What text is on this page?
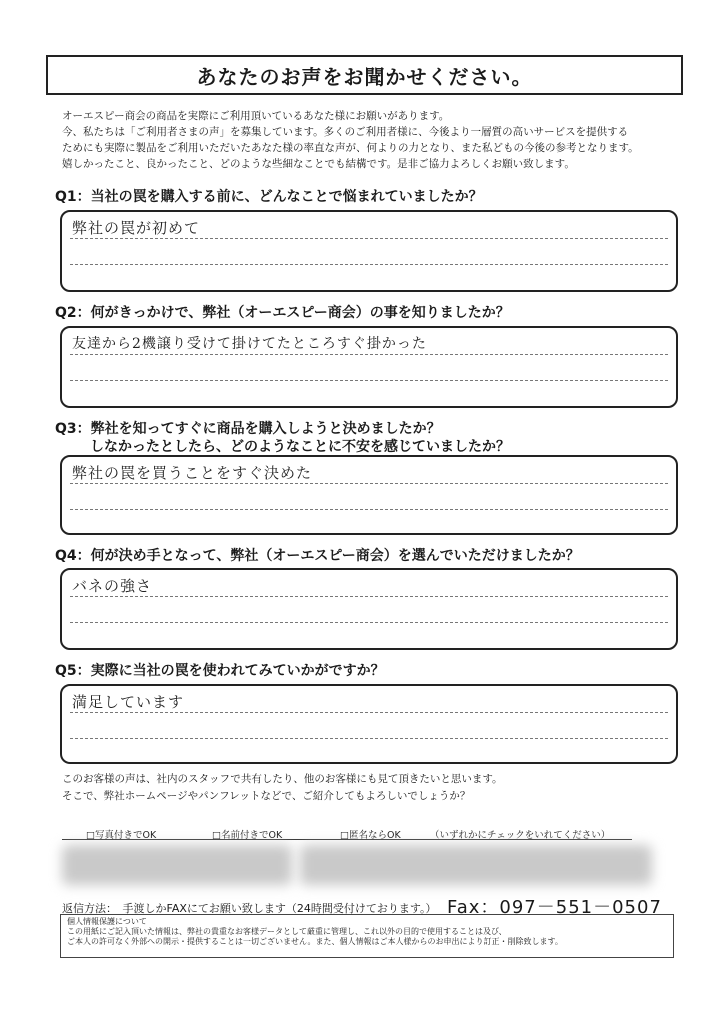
あなたのお声をお聞かせください。
オーエスピー商会の商品を実際にご利用頂いているあなた様にお願いがあります。
今、私たちは「ご利用者さまの声」を募集しています。多くのご利用者様に、今後より一層質の高いサービスを提供する
ためにも実際に製品をご利用いただいたあなた様の率直な声が、何よりの力となり、また私どもの今後の参考となります。
嬉しかったこと、良かったこと、どのような些細なことでも結構です。是非ご協力よろしくお願い致します。
Q1：当社の罠を購入する前に、どんなことで悩まれていましたか？
弊社の罠が初めて
Q2：何がきっかけで、弊社（オーエスピー商会）の事を知りましたか？
友達から2機譲り受けて掛けてたところすぐ掛かった
Q3：弊社を知ってすぐに商品を購入しようと決めましたか？
しなかったとしたら、どのようなことに不安を感じていましたか？
弊社の罠を買うことをすぐ決めた
Q4：何が決め手となって、弊社（オーエスピー商会）を選んでいただけましたか？
バネの強さ
Q5：実際に当社の罠を使われてみていかがですか？
満足しています
このお客様の声は、社内のスタッフで共有したり、他のお客様にも見て頂きたいと思います。
そこで、弊社ホームページやパンフレットなどで、ご紹介してもよろしいでしょうか？
□写真付きでOK	□名前付きでOK	□匿名ならOK	（いずれかにチェックをいれてください）
返信方法：　手渡しかFAXにてお願い致します（24時間受付けております。） Fax：097－551－0507
個人情報保護について
この用紙にご記入頂いた情報は、弊社の貴重なお客様データとして厳重に管理し、これ以外の目的で使用することは及び、
ご本人の許可なく外部への開示・提供することは一切ございません。また、個人情報はご本人様からのお申出により訂正・削除致します。
